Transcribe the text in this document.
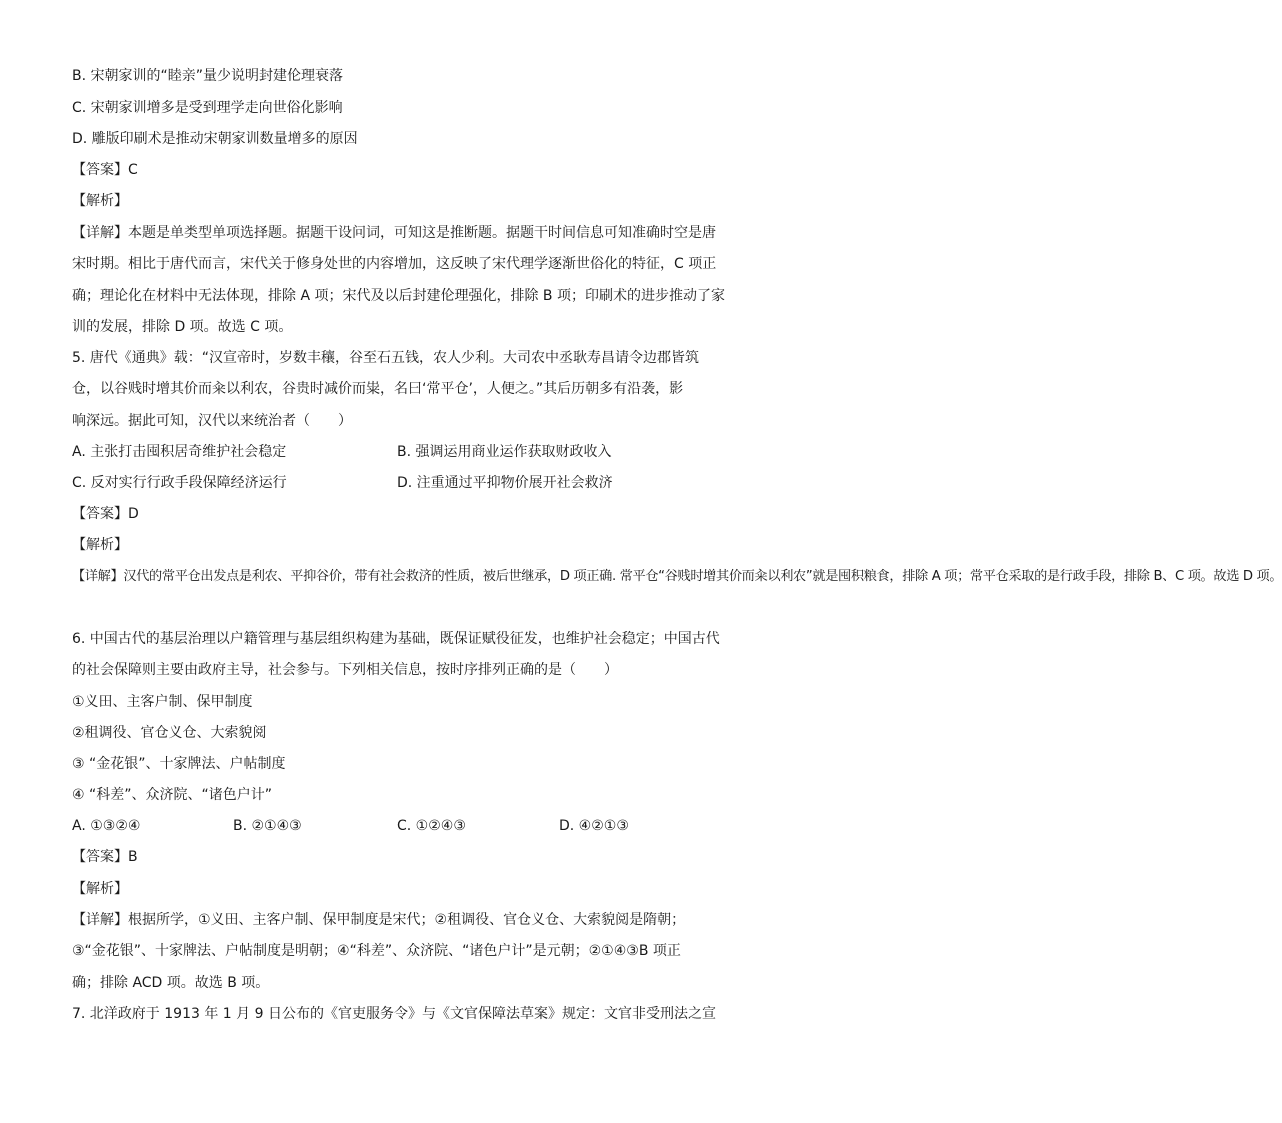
B. 宋朝家训的“睦亲”量少说明封建伦理衰落

C. 宋朝家训增多是受到理学走向世俗化影响

D. 雕版印刷术是推动宋朝家训数量增多的原因

【答案】C

【解析】

【详解】本题是单类型单项选择题。据题干设问词，可知这是推断题。据题干时间信息可知准确时空是唐

宋时期。相比于唐代而言，宋代关于修身处世的内容增加，这反映了宋代理学逐渐世俗化的特征，C 项正

确；理论化在材料中无法体现，排除 A 项；宋代及以后封建伦理强化，排除 B 项；印刷术的进步推动了家

训的发展，排除 D 项。故选 C 项。

5. 唐代《通典》载：“汉宣帝时，岁数丰穰，谷至石五钱，农人少利。大司农中丞耿寿昌请令边郡皆筑

仓，以谷贱时增其价而籴以利农，谷贵时减价而粜，名曰‘常平仓’，人便之。”其后历朝多有沿袭，影

响深远。据此可知，汉代以来统治者（　　）

A. 主张打击囤积居奇维护社会稳定	B. 强调运用商业运作获取财政收入

C. 反对实行行政手段保障经济运行	D. 注重通过平抑物价展开社会救济

【答案】D

【解析】

【详解】汉代的常平仓出发点是利农、平抑谷价，带有社会救济的性质，被后世继承，D 项正确. 常平仓“谷贱时增其价而籴以利农”就是囤积粮食，排除 A 项；常平仓采取的是行政手段，排除 B、C 项。故选 D 项。

6. 中国古代的基层治理以户籍管理与基层组织构建为基础，既保证赋役征发，也维护社会稳定；中国古代

的社会保障则主要由政府主导，社会参与。下列相关信息，按时序排列正确的是（　　）

①义田、主客户制、保甲制度

②租调役、官仓义仓、大索貌阅

③ “金花银”、十家牌法、户帖制度

④ “科差”、众济院、“诸色户计”

A. ①③②④	B. ②①④③	C. ①②④③	D. ④②①③

【答案】B

【解析】

【详解】根据所学，①义田、主客户制、保甲制度是宋代；②租调役、官仓义仓、大索貌阅是隋朝；

③“金花银”、十家牌法、户帖制度是明朝；④“科差”、众济院、“诸色户计”是元朝；②①④③B 项正

确；排除 ACD 项。故选 B 项。

7. 北洋政府于 1913 年 1 月 9 日公布的《官吏服务令》与《文官保障法草案》规定：文官非受刑法之宣
